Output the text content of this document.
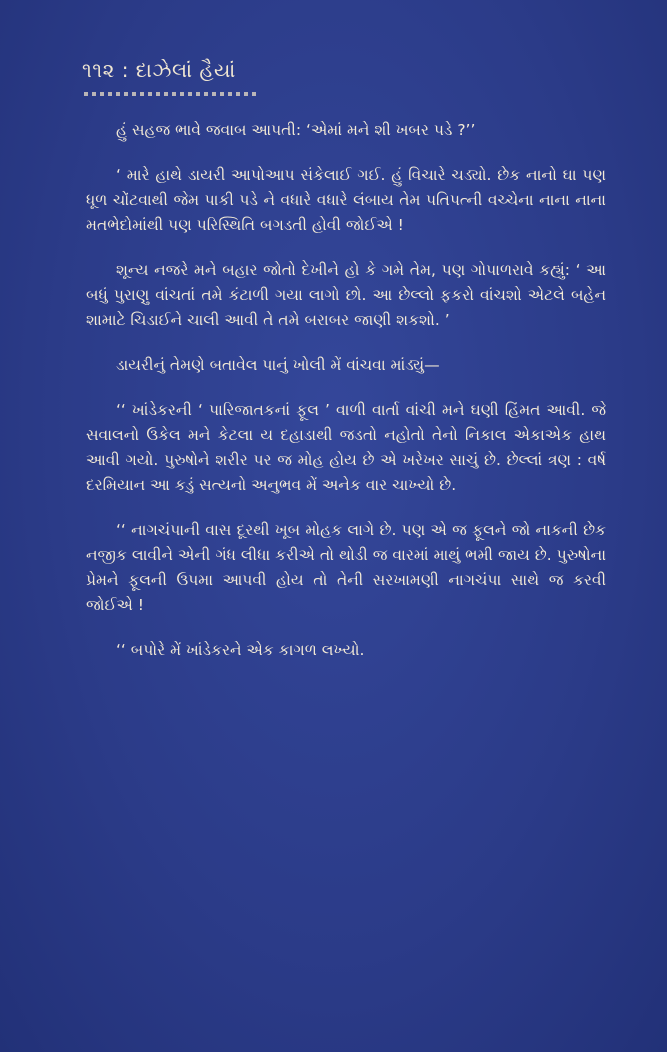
૧૧૨ : દાઝેલાં હૈયાં

હું સહજ ભાવે જવાબ આપતી: ‘એમાં મને શી ખબર પડે ?’’

‘ મારે હાથે ડાયરી આપોઆપ સંકેલાઈ ગઈ. હું વિચારે ચડ્યો. છેક નાનો ઘા પણ ધૂળ ચોંટવાથી જેમ પાકી પડે ને વધારે વધારે લંબાય તેમ પતિપત્ની વચ્ચેના નાના નાના મતભેદોમાંથી પણ પરિસ્થિતિ બગડતી હોવી જોઈએ !

શૂન્ય નજરે મને બહાર જોતો દેખીને હો કે ગમે તેમ, પણ ગોપાળરાવે કહ્યું: ‘ આ બધું પુરાણુ વાંચતાં તમે કંટાળી ગયા લાગો છો. આ છેલ્લો ફકરો વાંચશો એટલે બહેન શામાટે ચિડાઈને ચાલી આવી તે તમે બરાબર જાણી શકશો. ’

ડાયરીનું તેમણે બતાવેલ પાનું ખોલી મેં વાંચવા માંડ્યું—

‘‘ ખાંડેકરની ‘ પારિજાતકનાં ફૂલ ’ વાળી વાર્તા વાંચી મને ઘણી હિંમત આવી. જે સવાલનો ઉકેલ મને કેટલા ય દહાડાથી જડતો નહોતો તેનો નિકાલ એકાએક હાથ આવી ગયો. પુરુષોને શરીર પર જ મોહ હોય છે એ ખરેખર સાચું છે. છેલ્લાં ત્રણ : વર્ષ દરમિયાન આ કડું સત્યનો અનુભવ મેં અનેક વાર ચાખ્યો છે.

‘‘ નાગચંપાની વાસ દૂરથી ખૂબ મોહક લાગે છે. પણ એ જ ફૂલને જો નાકની છેક નજીક લાવીને એની ગંધ લીધા કરીએ તો થોડી જ વારમાં માથું ભમી જાય છે. પુરુષોના પ્રેમને ફૂલની ઉપમા આપવી હોય તો તેની સરખામણી નાગચંપા સાથે જ કરવી જોઈએ !

‘‘ બપોરે મેં ખાંડેકરને એક કાગળ લખ્યો.
